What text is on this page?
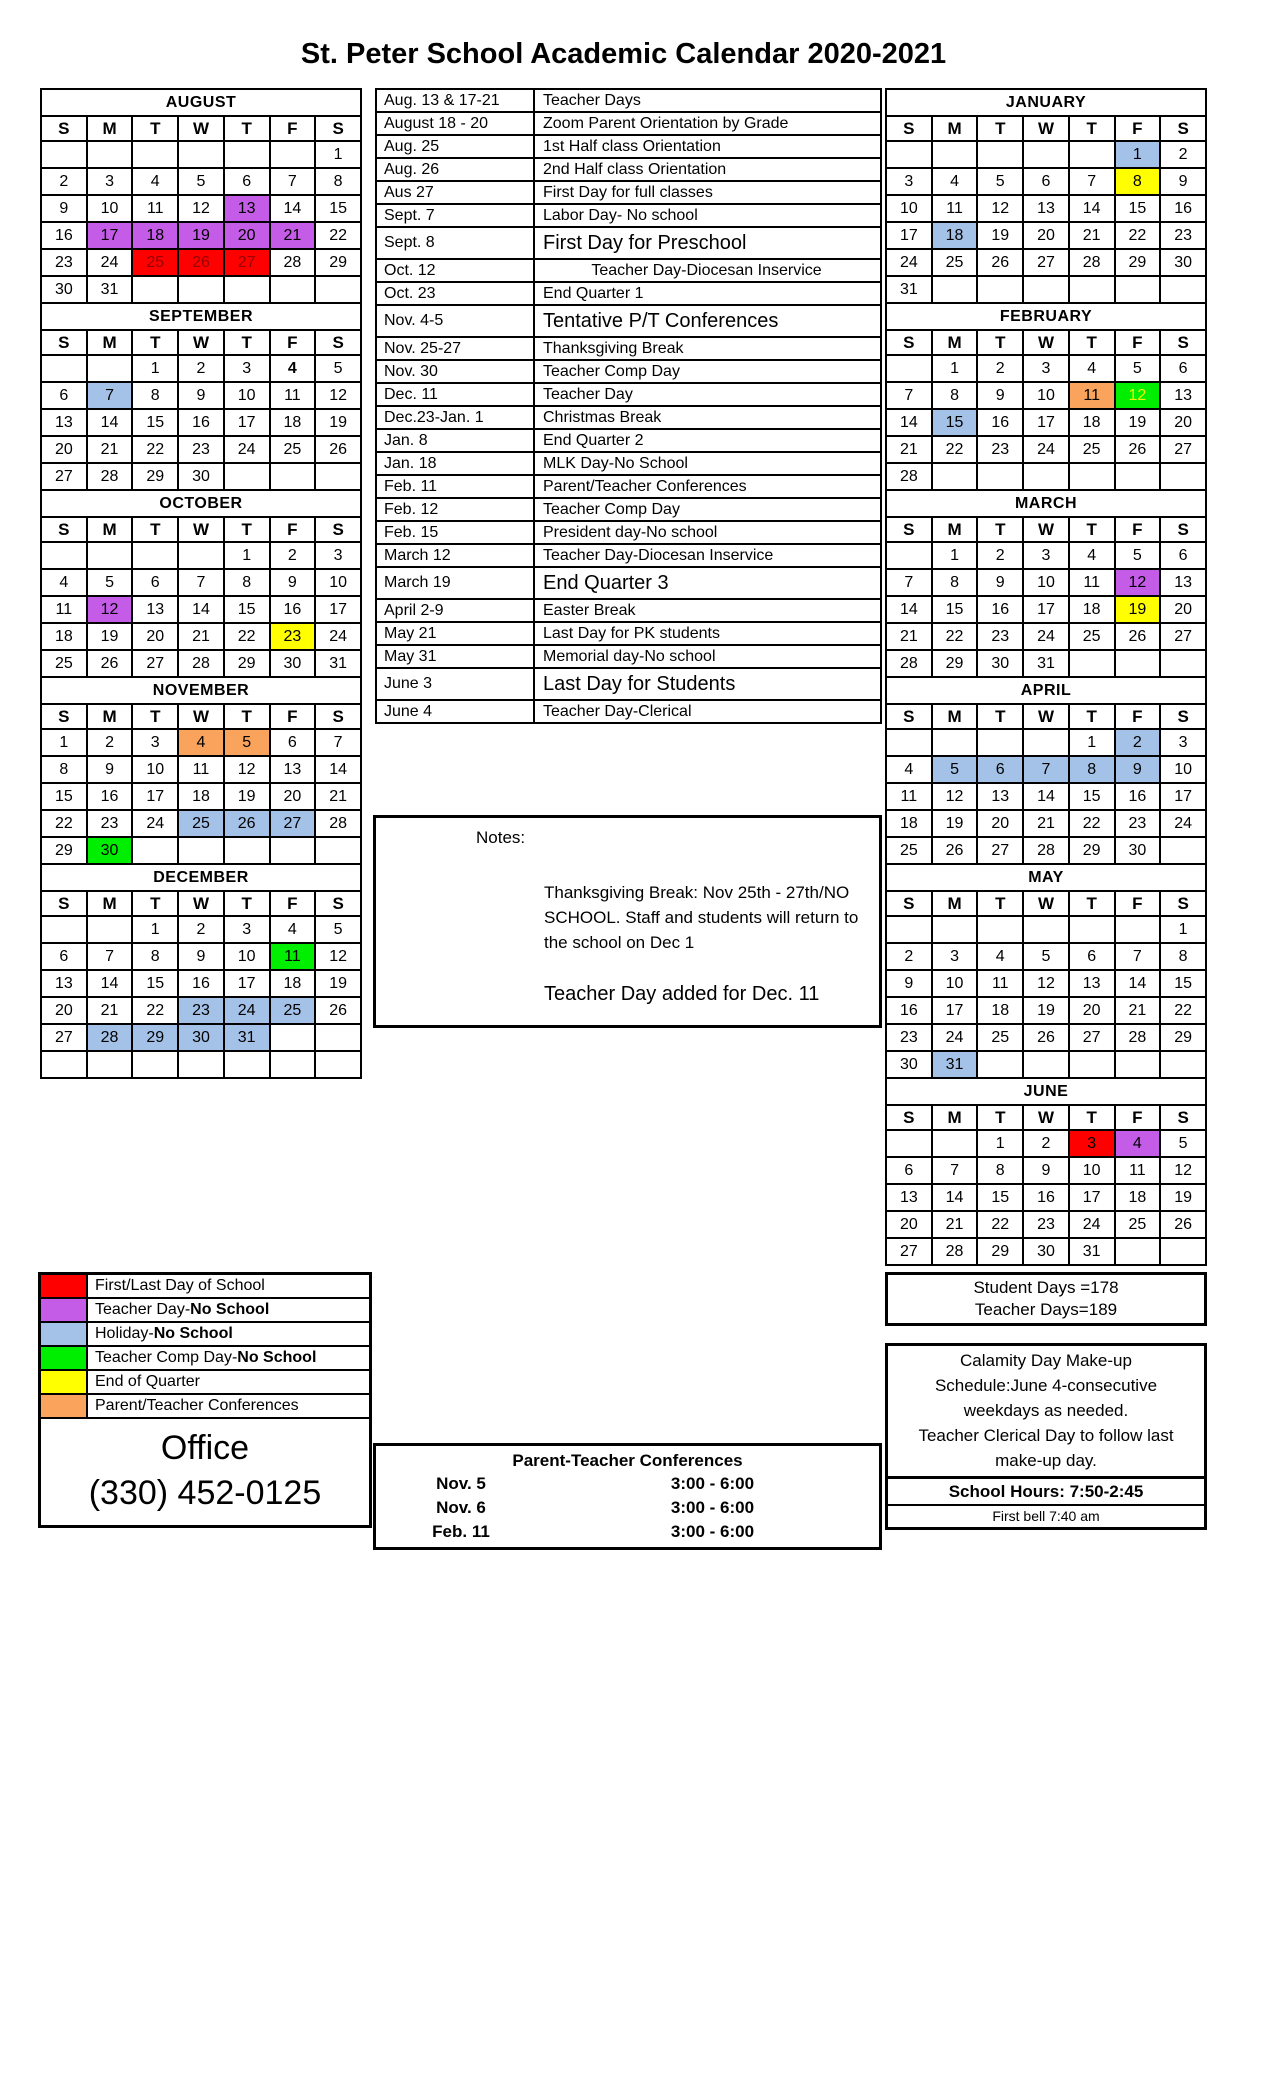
St. Peter School Academic Calendar 2020-2021
AUGUST						
S	M	T	W	T	F	S
						1
2	3	4	5	6	7	8
9	10	11	12	13	14	15
16	17	18	19	20	21	22
23	24	25	26	27	28	29
30	31					
SEPTEMBER						
S	M	T	W	T	F	S
		1	2	3	4	5
6	7	8	9	10	11	12
13	14	15	16	17	18	19
20	21	22	23	24	25	26
27	28	29	30			
OCTOBER						
S	M	T	W	T	F	S
				1	2	3
4	5	6	7	8	9	10
11	12	13	14	15	16	17
18	19	20	21	22	23	24
25	26	27	28	29	30	31
NOVEMBER						
S	M	T	W	T	F	S
1	2	3	4	5	6	7
8	9	10	11	12	13	14
15	16	17	18	19	20	21
22	23	24	25	26	27	28
29	30					
DECEMBER						
S	M	T	W	T	F	S
		1	2	3	4	5
6	7	8	9	10	11	12
13	14	15	16	17	18	19
20	21	22	23	24	25	26
27	28	29	30	31		

Aug. 13 & 17-21	Teacher Days
August 18 - 20	Zoom Parent Orientation by Grade
Aug. 25	1st Half class Orientation
Aug. 26	2nd Half class Orientation
Aus 27	First Day for full classes
Sept. 7	Labor Day- No school
Sept. 8	First Day for Preschool
Oct. 12	Teacher Day-Diocesan Inservice
Oct. 23	End Quarter 1
Nov. 4-5	Tentative P/T Conferences
Nov. 25-27	Thanksgiving Break
Nov. 30	Teacher Comp Day
Dec. 11	Teacher Day
Dec.23-Jan. 1	Christmas Break
Jan. 8	End Quarter 2
Jan. 18	MLK Day-No School
Feb. 11	Parent/Teacher Conferences
Feb. 12	Teacher Comp Day
Feb. 15	President day-No school
March 12	Teacher Day-Diocesan Inservice
March 19	End Quarter 3
April 2-9	Easter Break
May 21	Last Day for PK students
May 31	Memorial day-No school
June 3	Last Day for Students
June 4	Teacher Day-Clerical
JANUARY						
S	M	T	W	T	F	S
					1	2
3	4	5	6	7	8	9
10	11	12	13	14	15	16
17	18	19	20	21	22	23
24	25	26	27	28	29	30
31						
FEBRUARY						
S	M	T	W	T	F	S
	1	2	3	4	5	6
7	8	9	10	11	12	13
14	15	16	17	18	19	20
21	22	23	24	25	26	27
28						
MARCH						
S	M	T	W	T	F	S
	1	2	3	4	5	6
7	8	9	10	11	12	13
14	15	16	17	18	19	20
21	22	23	24	25	26	27
28	29	30	31			
APRIL						
S	M	T	W	T	F	S
				1	2	3
4	5	6	7	8	9	10
11	12	13	14	15	16	17
18	19	20	21	22	23	24
25	26	27	28	29	30	
MAY						
S	M	T	W	T	F	S
						1
2	3	4	5	6	7	8
9	10	11	12	13	14	15
16	17	18	19	20	21	22
23	24	25	26	27	28	29
30	31					
JUNE						
S	M	T	W	T	F	S
		1	2	3	4	5
6	7	8	9	10	11	12
13	14	15	16	17	18	19
20	21	22	23	24	25	26
27	28	29	30	31		
Notes:
Thanksgiving Break: Nov 25th - 27th/NO SCHOOL. Staff and students will return to the school on Dec 1
Teacher Day added for Dec. 11
First/Last Day of School
Teacher Day- No School
Holiday- No School
Teacher Comp Day- No School
End of Quarter
Parent/Teacher Conferences
Office
(330) 452-0125
Parent-Teacher Conferences
Nov. 5	3:00 - 6:00
Nov. 6	3:00 - 6:00
Feb. 11	3:00 - 6:00
Student Days =178
Teacher Days=189
Calamity Day Make-up
Schedule:June 4-consecutive
weekdays as needed.
Teacher Clerical Day to follow last
make-up day.
School Hours: 7:50-2:45
First bell 7:40 am
